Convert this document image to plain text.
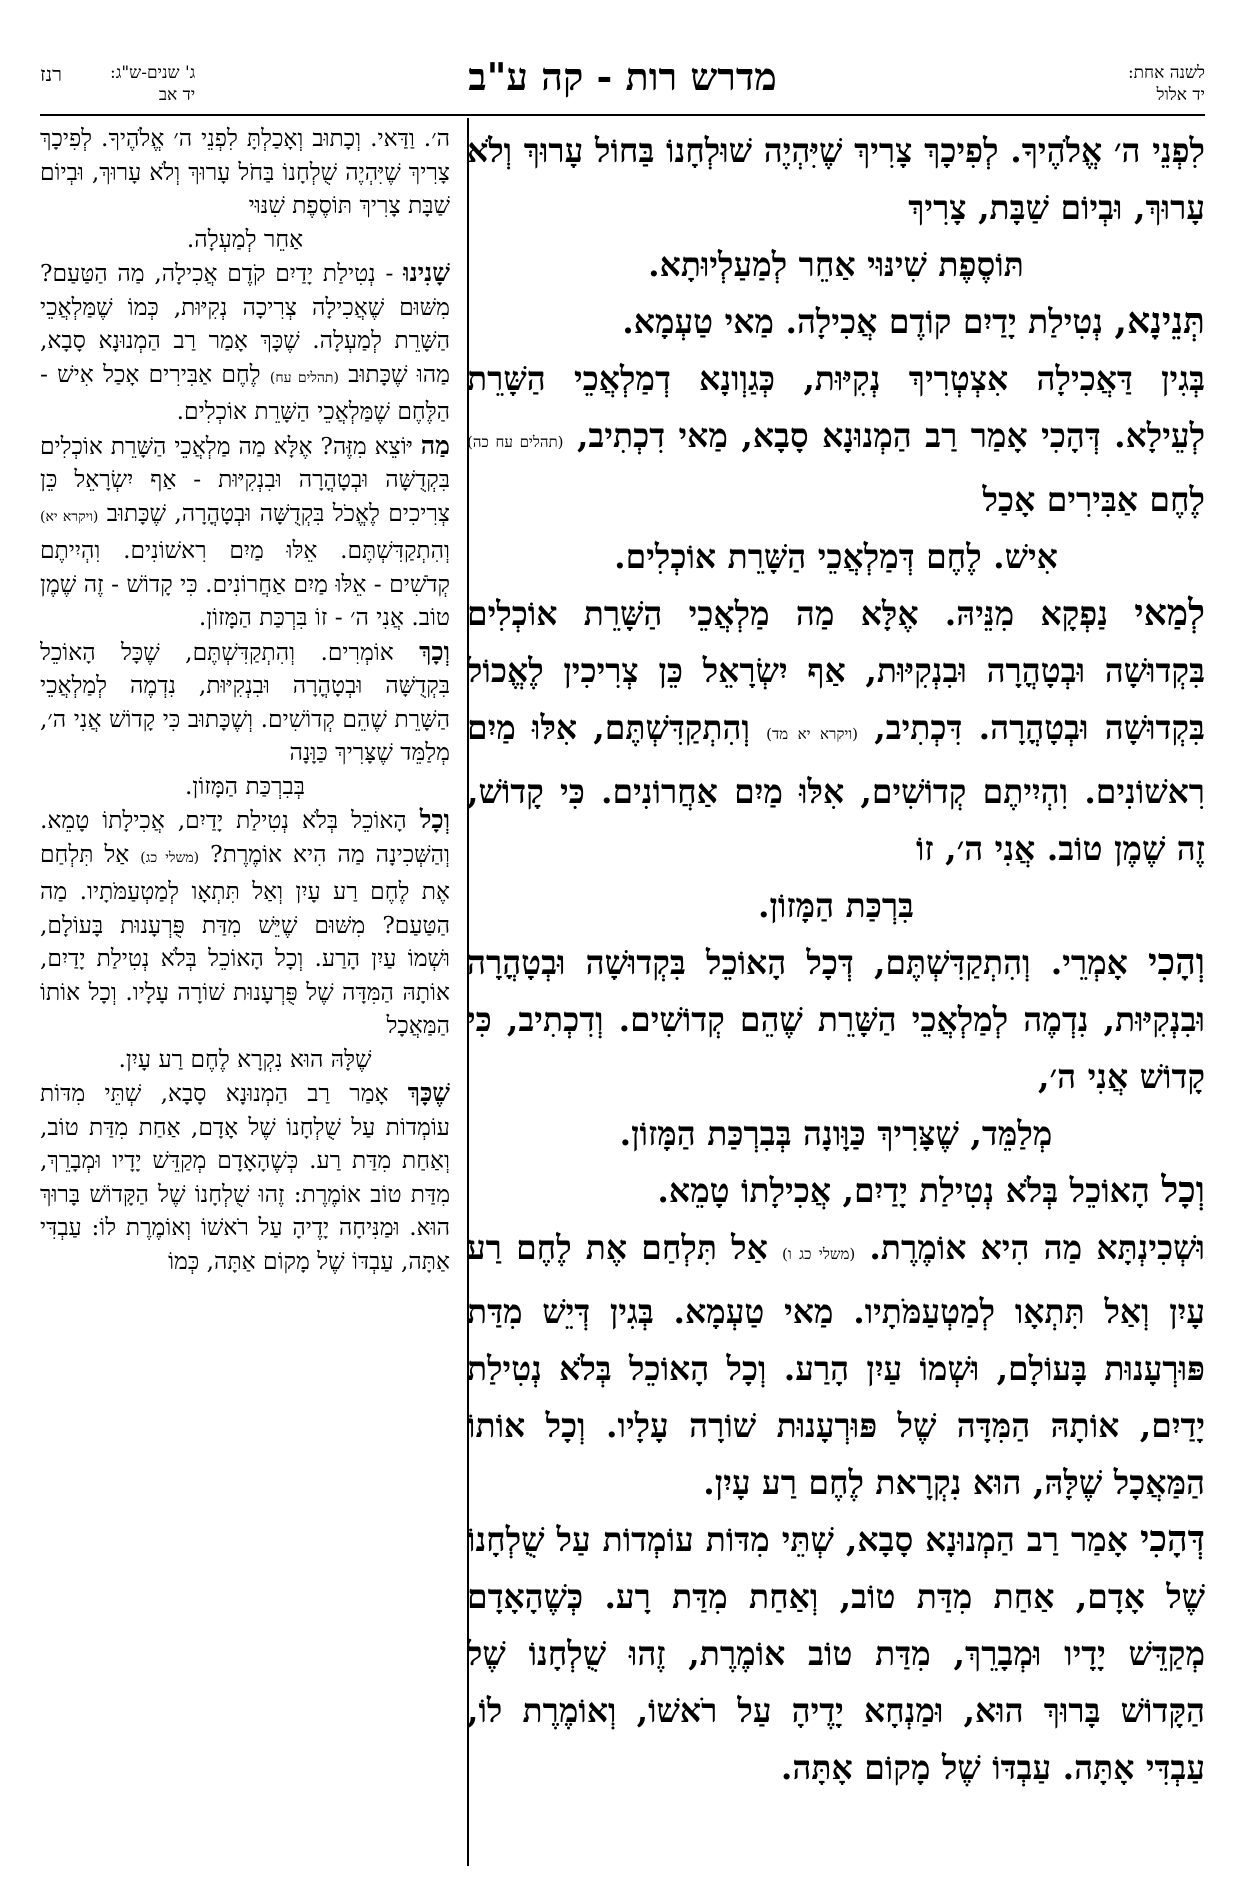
לשנה אחת:
יד אלול
מדרש רות - קה ע"ב
ג' שנים-ש"ג:
יד אב
רנז

לִפְנֵי ה׳ אֱלֹהֶיךָ. לְפִיכָךְ צָרִיךְ שֶׁיִּהְיֶה שׁוּלְחָנוֹ בַּחוֹל עָרוּךְ וְלֹא עָרוּךְ, וּבְיוֹם שַׁבָּת, צָרִיךְ

תּוֹסֶפֶת שִׁינּוּי אַחֵר לְמַעַלְיוּתָא.

תְּנֵינָא, נְטִילַת יָדַיִם קוֹדֶם אֲכִילָה. מַאי טַעְמָא.

בְּגִין דַּאֲכִילָה אִצְטְרִיךְ נְקִיּוּת, כְּגַוְונָא דְמַלְאֲכֵי הַשָּׁרֵת לְעֵילָא. דְּהָכִי אָמַר רַב הַמְנוּנָא סָבָא, מַאי דִכְתִיב, (תהלים עח כה) לֶחֶם אַבִּירִים אָכַל

אִישׁ. לֶחֶם דְּמַלְאֲכֵי הַשָּׁרֵת אוֹכְלִים.

לְמַאי נַפְקָא מִנֵּיהּ. אֶלָּא מַה מַלְאֲכֵי הַשָּׁרֵת אוֹכְלִים בִּקְדוּשָׁה וּבְטָהֳרָה וּבִנְקִיּוּת, אַף יִשְׂרָאֵל כֵּן צְרִיכִין לֶאֱכוֹל בִּקְדוּשָׁה וּבְטָהֳרָה. דִּכְתִיב, (ויקרא יא מד) וְהִתְקַדִּשְׁתֶּם, אִלּוּ מַיִם רִאשׁוֹנִים. וִהְיִיתֶם קְדוֹשִׁים, אִלּוּ מַיִם אַחֲרוֹנִים. כִּי קָדוֹשׁ, זֶה שֶׁמֶן טוֹב. אֲנִי ה׳, זוֹ

בִּרְכַּת הַמָּזוֹן.

וְהָכִי אָמְרֵי. וְהִתְקַדִּשְׁתֶּם, דְּכָל הָאוֹכֵל בִּקְדוּשָׁה וּבְטָהֳרָה וּבִנְקִיּוּת, נִדְמֶה לְמַלְאֲכֵי הַשָּׁרֵת שֶׁהֵם קְדוֹשִׁים. וְדִכְתִיב, כִּי קָדוֹשׁ אֲנִי ה׳,

מְלַמֵּד, שֶׁצָּרִיךְ כַּוָּונָה בְּבִרְכַּת הַמָּזוֹן.

וְכָל הָאוֹכֵל בְּלֹא נְטִילַת יָדַיִם, אֲכִילָתוֹ טָמֵא.

וּשְׁכִינְתָּא מַה הִיא אוֹמֶרֶת. (משלי כג ו) אַל תִּלְחַם אֶת לֶחֶם רַע עָיִן וְאַל תִּתְאָו לְמַטְעַמֹּתָיו. מַאי טַעְמָא. בְּגִין דְּיֵשׁ מִדַּת פּוּרְעָנוּת בָּעוֹלָם, וּשְׁמוֹ עַיִן הָרַע. וְכָל הָאוֹכֵל בְּלֹא נְטִילַת יָדַיִם, אוֹתָהּ הַמִּדָּה שֶׁל פּוּרְעָנוּת שׁוֹרָה עָלָיו. וְכָל אוֹתוֹ הַמַּאֲכָל שֶׁלָּהּ, הוּא נִקְרָאת לֶחֶם רַע עָיִן.

דְּהָכִי אָמַר רַב הַמְנוּנָא סָבָא, שְׁתֵּי מִדּוֹת עוֹמְדוֹת עַל שֻׁלְחָנוֹ שֶׁל אָדָם, אַחַת מִדַּת טוֹב, וְאַחַת מִדַּת רָע. כְּשֶׁהָאָדָם מְקַדֵּשׁ יָדָיו וּמְבָרֵךְ, מִדַּת טוֹב אוֹמֶרֶת, זֶהוּ שֻׁלְחָנוֹ שֶׁל הַקָּדוֹשׁ בָּרוּךְ הוּא, וּמַנְחָא יָדֶיהָ עַל רֹאשׁוֹ, וְאוֹמֶרֶת לוֹ, עַבְדִּי אָתָּה. עַבְדּוֹ שֶׁל מָקוֹם אָתָּה.

ה׳. וַדַּאי. וְכָתוּב וְאָכַלְתָּ לִפְנֵי ה׳ אֱלֹהֶיךָ. לְפִיכָךְ צָרִיךְ שֶׁיִּהְיֶה שֻׁלְחָנוֹ בַּחֹל עָרוּךְ וְלֹא עָרוּךְ, וּבְיוֹם שַׁבָּת צָרִיךְ תּוֹסֶפֶת שִׁנּוּי

אַחֵר לְמַעְלָה.

שָׁנִינוּ - נְטִילַת יָדַיִם קֹדֶם אֲכִילָה, מַה הַטַּעַם? מִשּׁוּם שֶׁאֲכִילָה צְרִיכָה נְקִיּוּת, כְּמוֹ שֶׁמַּלְאֲכֵי הַשָּׁרֵת לְמַעְלָה. שֶׁכָּךְ אָמַר רַב הַמְנוּנָא סָבָא, מַהוּ שֶׁכָּתוּב (תהלים עח) לֶחֶם אַבִּירִים אָכַל אִישׁ - הַלֶּחֶם שֶׁמַּלְאֲכֵי הַשָּׁרֵת אוֹכְלִים.

מַה יּוֹצֵא מִזֶּה? אֶלָּא מַה מַלְאֲכֵי הַשָּׁרֵת אוֹכְלִים בִּקְדֻשָּׁה וּבְטָהֳרָה וּבִנְקִיּוּת - אַף יִשְׂרָאֵל כֵּן צְרִיכִים לֶאֱכֹל בִּקְדֻשָּׁה וּבְטָהֳרָה, שֶׁכָּתוּב (ויקרא יא) וְהִתְקַדִּשְׁתֶּם. אֵלּוּ מַיִם רִאשׁוֹנִים. וִהְיִיתֶם קְדֹשִׁים - אֵלּוּ מַיִם אַחֲרוֹנִים. כִּי קָדוֹשׁ - זֶה שֶׁמֶן טוֹב. אֲנִי ה׳ - זוֹ בִּרְכַּת הַמָּזוֹן.

וְכָךְ אוֹמְרִים. וְהִתְקַדִּשְׁתֶּם, שֶׁכָּל הָאוֹכֵל בִּקְדֻשָּׁה וּבְטָהֳרָה וּבִנְקִיּוּת, נִדְמֶה לְמַלְאֲכֵי הַשָּׁרֵת שֶׁהֵם קְדוֹשִׁים. וְשֶׁכָּתוּב כִּי קָדוֹשׁ אֲנִי ה׳, מְלַמֵּד שֶׁצָּרִיךְ כַּוָּנָה

בְּבִרְכַּת הַמָּזוֹן.

וְכָל הָאוֹכֵל בְּלֹא נְטִילַת יָדַיִם, אֲכִילָתוֹ טָמֵא. וְהַשְּׁכִינָה מַה הִיא אוֹמֶרֶת? (משלי כג) אַל תִּלְחַם אֶת לֶחֶם רַע עָיִן וְאַל תִּתְאָו לְמַטְעַמֹּתָיו. מַה הַטַּעַם? מִשּׁוּם שֶׁיֵּשׁ מִדַּת פֻּרְעָנוּת בָּעוֹלָם, וּשְׁמוֹ עַיִן הָרַע. וְכָל הָאוֹכֵל בְּלֹא נְטִילַת יָדַיִם, אוֹתָהּ הַמִּדָּה שֶׁל פֻּרְעָנוּת שׁוֹרָה עָלָיו. וְכָל אוֹתוֹ הַמַּאֲכָל

שֶׁלָּהּ הוּא נִקְרָא לֶחֶם רַע עָיִן.

שֶׁכָּךְ אָמַר רַב הַמְנוּנָא סָבָא, שְׁתֵּי מִדּוֹת עוֹמְדוֹת עַל שֻׁלְחָנוֹ שֶׁל אָדָם, אַחַת מִדַּת טוֹב, וְאַחַת מִדַּת רַע. כְּשֶׁהָאָדָם מְקַדֵּשׁ יָדָיו וּמְבָרֵךְ, מִדַּת טוֹב אוֹמֶרֶת: זֶהוּ שֻׁלְחָנוֹ שֶׁל הַקָּדוֹשׁ בָּרוּךְ הוּא. וּמַנִּיחָה יָדֶיהָ עַל רֹאשׁוֹ וְאוֹמֶרֶת לוֹ: עַבְדִּי אַתָּה, עַבְדּוֹ שֶׁל מָקוֹם אַתָּה, כְּמוֹ
